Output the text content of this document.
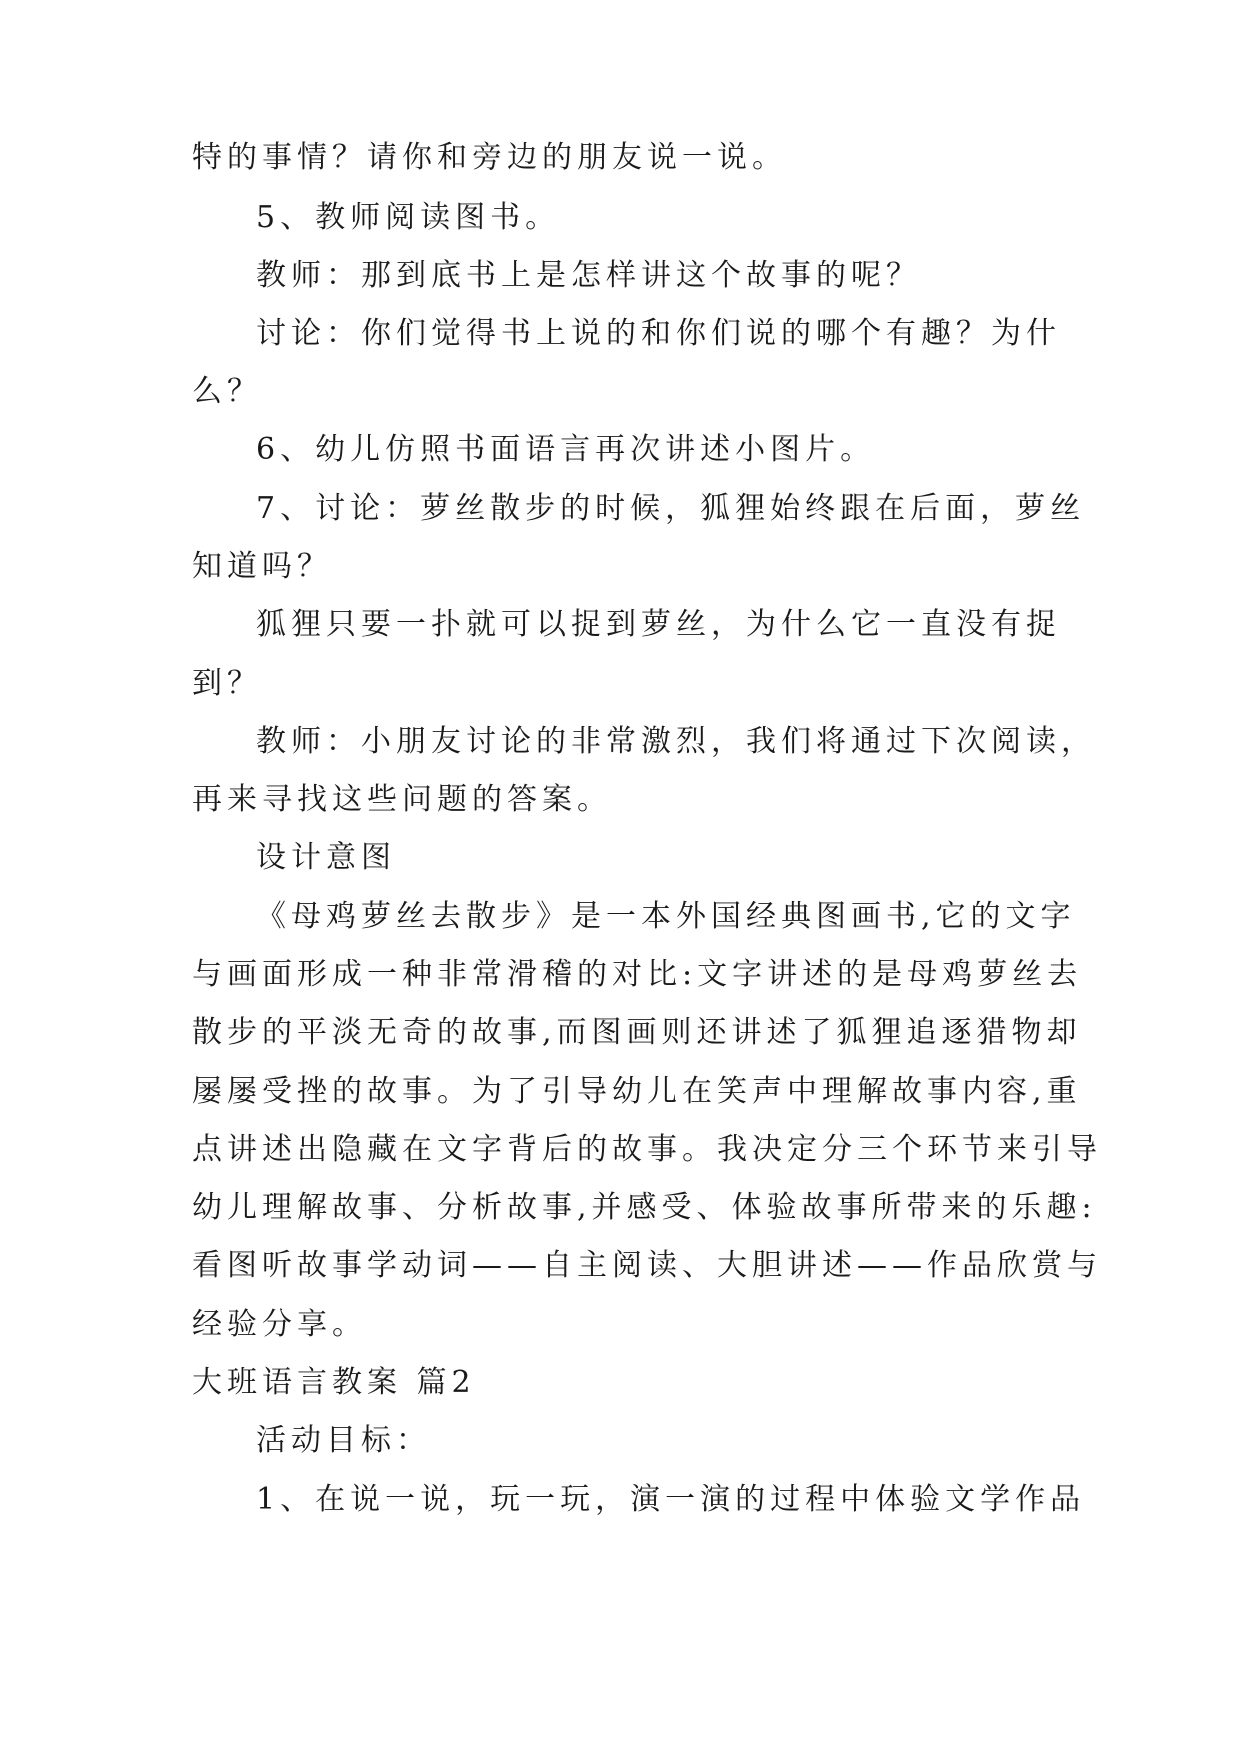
特的事情？请你和旁边的朋友说一说。
5、教师阅读图书。
教师：那到底书上是怎样讲这个故事的呢？
讨论：你们觉得书上说的和你们说的哪个有趣？为什
么？
6、幼儿仿照书面语言再次讲述小图片。
7、讨论：萝丝散步的时候，狐狸始终跟在后面，萝丝
知道吗？
狐狸只要一扑就可以捉到萝丝，为什么它一直没有捉
到？
教师：小朋友讨论的非常激烈，我们将通过下次阅读，
再来寻找这些问题的答案。
设计意图
《母鸡萝丝去散步》是一本外国经典图画书,它的文字
与画面形成一种非常滑稽的对比:文字讲述的是母鸡萝丝去
散步的平淡无奇的故事,而图画则还讲述了狐狸追逐猎物却
屡屡受挫的故事。为了引导幼儿在笑声中理解故事内容,重
点讲述出隐藏在文字背后的故事。我决定分三个环节来引导
幼儿理解故事、分析故事,并感受、体验故事所带来的乐趣:
看图听故事学动词——自主阅读、大胆讲述——作品欣赏与
经验分享。
大班语言教案 篇2
活动目标：
1、在说一说，玩一玩，演一演的过程中体验文学作品
